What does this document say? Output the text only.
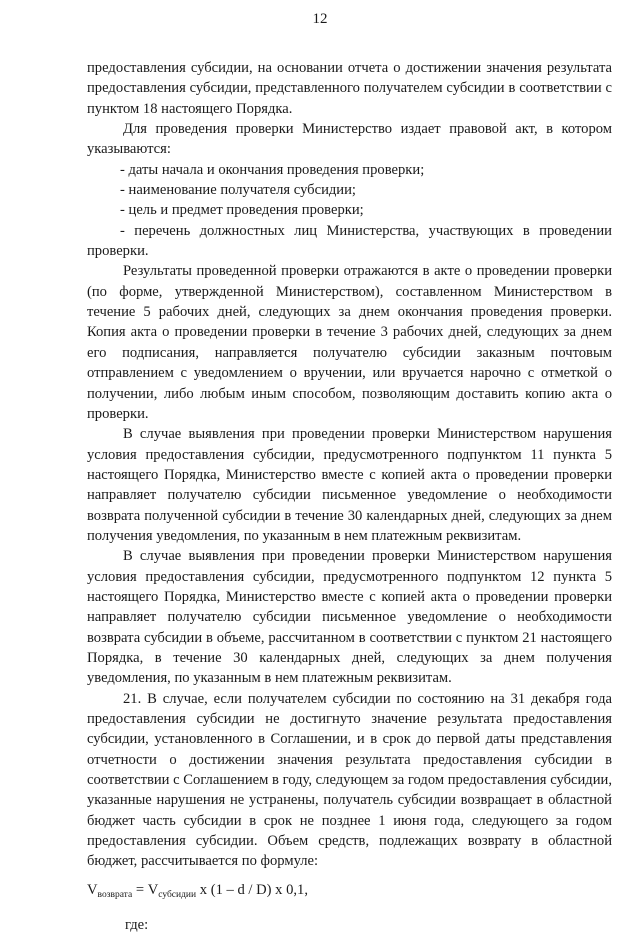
12

предоставления субсидии, на основании отчета о достижении значения результата предоставления субсидии, представленного получателем субсидии в соответствии с пунктом 18 настоящего Порядка.

Для проведения проверки Министерство издает правовой акт, в котором указываются:

- даты начала и окончания проведения проверки;

- наименование получателя субсидии;

- цель и предмет проведения проверки;

- перечень должностных лиц Министерства, участвующих в проведении проверки.

Результаты проведенной проверки отражаются в акте о проведении проверки (по форме, утвержденной Министерством), составленном Министерством в течение 5 рабочих дней, следующих за днем окончания проведения проверки. Копия акта о проведении проверки в течение 3 рабочих дней, следующих за днем его подписания, направляется получателю субсидии заказным почтовым отправлением с уведомлением о вручении, или вручается нарочно с отметкой о получении, либо любым иным способом, позволяющим доставить копию акта о проверки.

В случае выявления при проведении проверки Министерством нарушения условия предоставления субсидии, предусмотренного подпунктом 11 пункта 5 настоящего Порядка, Министерство вместе с копией акта о проведении проверки направляет получателю субсидии письменное уведомление о необходимости возврата полученной субсидии в течение 30 календарных дней, следующих за днем получения уведомления, по указанным в нем платежным реквизитам.

В случае выявления при проведении проверки Министерством нарушения условия предоставления субсидии, предусмотренного подпунктом 12 пункта 5 настоящего Порядка, Министерство вместе с копией акта о проведении проверки направляет получателю субсидии письменное уведомление о необходимости возврата субсидии в объеме, рассчитанном в соответствии с пунктом 21 настоящего Порядка, в течение 30 календарных дней, следующих за днем получения уведомления, по указанным в нем платежным реквизитам.

21. В случае, если получателем субсидии по состоянию на 31 декабря года предоставления субсидии не достигнуто значение результата предоставления субсидии, установленного в Соглашении, и в срок до первой даты представления отчетности о достижении значения результата предоставления субсидии в соответствии с Соглашением в году, следующем за годом предоставления субсидии, указанные нарушения не устранены, получатель субсидии возвращает в областной бюджет часть субсидии в срок не позднее 1 июня года, следующего за годом предоставления субсидии. Объем средств, подлежащих возврату в областной бюджет, рассчитывается по формуле:

$V_{возврата} = V_{субсидии}$ x (1 – d / D) x 0,1,

где:
